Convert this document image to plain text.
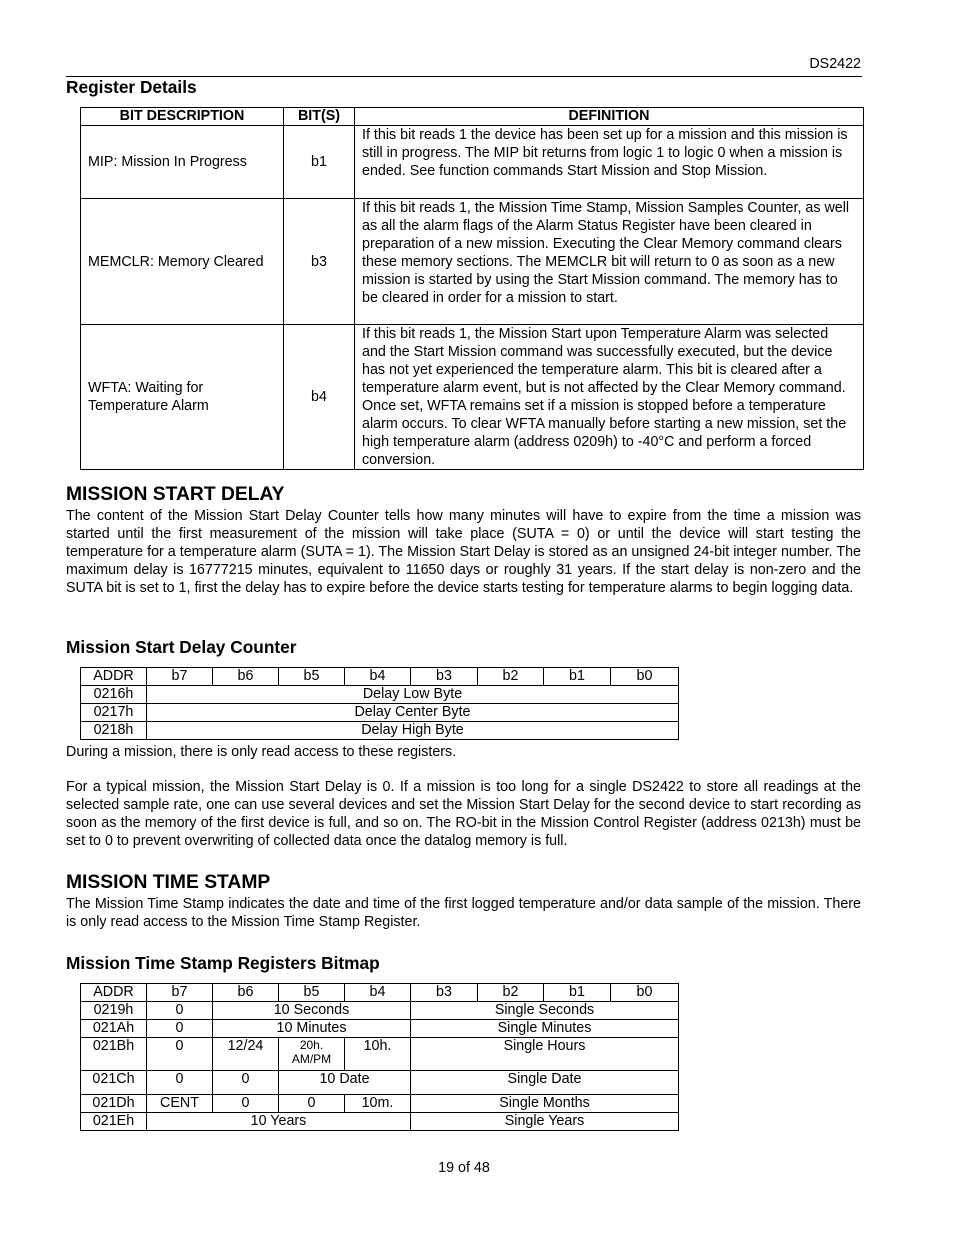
DS2422
Register Details
BIT DESCRIPTION	BIT(S)	DEFINITION
MIP: Mission In Progress	b1	If this bit reads 1 the device has been set up for a mission and this mission is still in progress. The MIP bit returns from logic 1 to logic 0 when a mission is ended. See function commands Start Mission and Stop Mission.
MEMCLR: Memory Cleared	b3	If this bit reads 1, the Mission Time Stamp, Mission Samples Counter, as well as all the alarm flags of the Alarm Status Register have been cleared in preparation of a new mission. Executing the Clear Memory command clears these memory sections. The MEMCLR bit will return to 0 as soon as a new mission is started by using the Start Mission command. The memory has to be cleared in order for a mission to start.
WFTA: Waiting for Temperature Alarm	b4	If this bit reads 1, the Mission Start upon Temperature Alarm was selected and the Start Mission command was successfully executed, but the device has not yet experienced the temperature alarm. This bit is cleared after a temperature alarm event, but is not affected by the Clear Memory command. Once set, WFTA remains set if a mission is stopped before a temperature alarm occurs. To clear WFTA manually before starting a new mission, set the high temperature alarm (address 0209h) to -40°C and perform a forced conversion.
MISSION START DELAY

The content of the Mission Start Delay Counter tells how many minutes will have to expire from the time a mission was started until the first measurement of the mission will take place (SUTA = 0) or until the device will start testing the temperature for a temperature alarm (SUTA = 1). The Mission Start Delay is stored as an unsigned 24-bit integer number. The maximum delay is 16777215 minutes, equivalent to 11650 days or roughly 31 years. If the start delay is non-zero and the SUTA bit is set to 1, first the delay has to expire before the device starts testing for temperature alarms to begin logging data.

Mission Start Delay Counter
ADDR	b7	b6	b5	b4	b3	b2	b1	b0
0216h	Delay Low Byte							
0217h	Delay Center Byte							
0218h	Delay High Byte							

During a mission, there is only read access to these registers.

For a typical mission, the Mission Start Delay is 0. If a mission is too long for a single DS2422 to store all readings at the selected sample rate, one can use several devices and set the Mission Start Delay for the second device to start recording as soon as the memory of the first device is full, and so on. The RO-bit in the Mission Control Register (address 0213h) must be set to 0 to prevent overwriting of collected data once the datalog memory is full.

MISSION TIME STAMP

The Mission Time Stamp indicates the date and time of the first logged temperature and/or data sample of the mission. There is only read access to the Mission Time Stamp Register.

Mission Time Stamp Registers Bitmap
ADDR	b7	b6	b5	b4	b3	b2	b1	b0
0219h	0	10 Seconds			Single Seconds			
021Ah	0	10 Minutes			Single Minutes			
021Bh	0	12/24	20h.
AM/PM	10h.	Single Hours			
021Ch	0	0	10 Date		Single Date			
021Dh	CENT	0	0	10m.	Single Months			
021Eh	10 Years				Single Years			
19 of 48
